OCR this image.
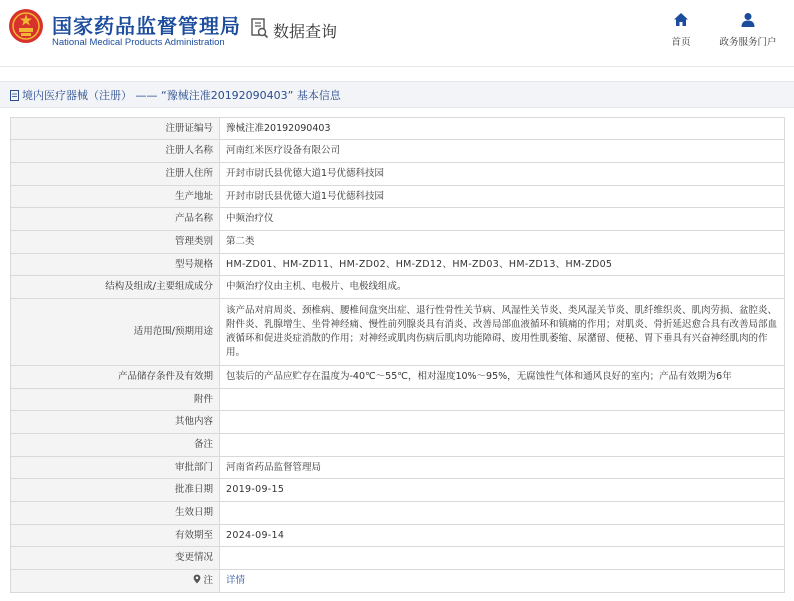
国家药品监督管理局
National Medical Products Administration
数据查询
首页	政务服务门户
境内医疗器械（注册） —— “豫械注准20192090403” 基本信息
注册证编号	豫械注准20192090403
注册人名称	河南红米医疗设备有限公司
注册人住所	开封市尉氏县优德大道1号优德科技园
生产地址	开封市尉氏县优德大道1号优德科技园
产品名称	中频治疗仪
管理类别	第二类
型号规格	HM-ZD01、HM-ZD11、HM-ZD02、HM-ZD12、HM-ZD03、HM-ZD13、HM-ZD05
结构及组成/主要组成成分	中频治疗仪由主机、电极片、电极线组成。
适用范围/预期用途	该产品对肩周炎、颈椎病、腰椎间盘突出症、退行性骨性关节病、风湿性关节炎、类风湿关节炎、肌纤维织炎、肌肉劳损、盆腔炎、附件炎、乳腺增生、坐骨神经痛、慢性前列腺炎具有消炎、改善局部血液循环和镇痛的作用；对肌炎、骨折延迟愈合具有改善局部血液循环和促进炎症消散的作用；对神经或肌肉伤病后肌肉功能障碍、废用性肌萎缩、尿潴留、便秘、胃下垂具有兴奋神经肌肉的作用。
产品储存条件及有效期	包装后的产品应贮存在温度为-40℃～55℃，相对湿度10%～95%，无腐蚀性气体和通风良好的室内；产品有效期为6年
附件	
其他内容	
备注	
审批部门	河南省药品监督管理局
批准日期	2019-09-15
生效日期	
有效期至	2024-09-14
变更情况	
注	详情
